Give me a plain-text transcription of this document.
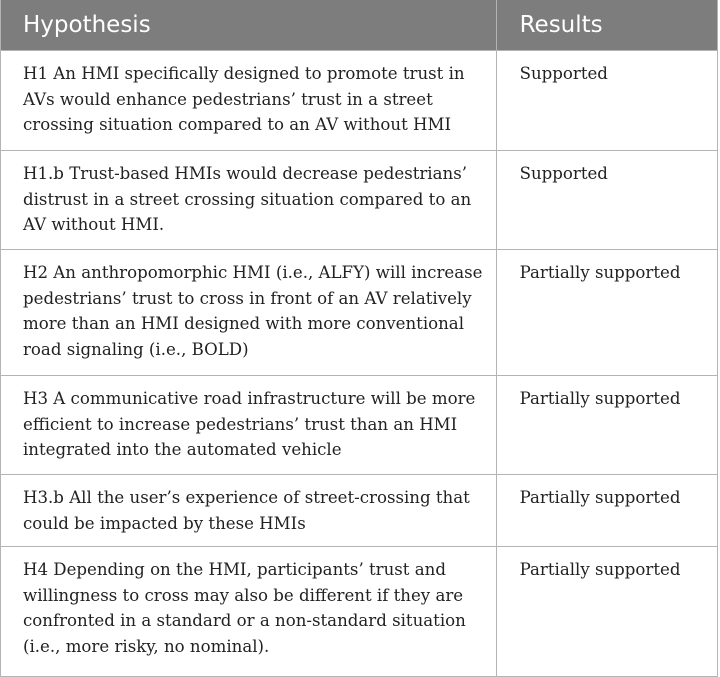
Hypothesis	Results
H1 An HMI specifically designed to promote trust in AVs would enhance pedestrians’ trust in a street crossing situation compared to an AV without HMI
Supported
H1.b Trust-based HMIs would decrease pedestrians’ distrust in a street crossing situation compared to an AV without HMI.
Supported
H2 An anthropomorphic HMI (i.e., ALFY) will increase pedestrians’ trust to cross in front of an AV relatively more than an HMI designed with more conventional road signaling (i.e., BOLD)
Partially supported
H3 A communicative road infrastructure will be more efficient to increase pedestrians’ trust than an HMI integrated into the automated vehicle
Partially supported
H3.b All the user’s experience of street-crossing that could be impacted by these HMIs
Partially supported
H4 Depending on the HMI, participants’ trust and willingness to cross may also be different if they are confronted in a standard or a non-standard situation (i.e., more risky, no nominal).
Partially supported
